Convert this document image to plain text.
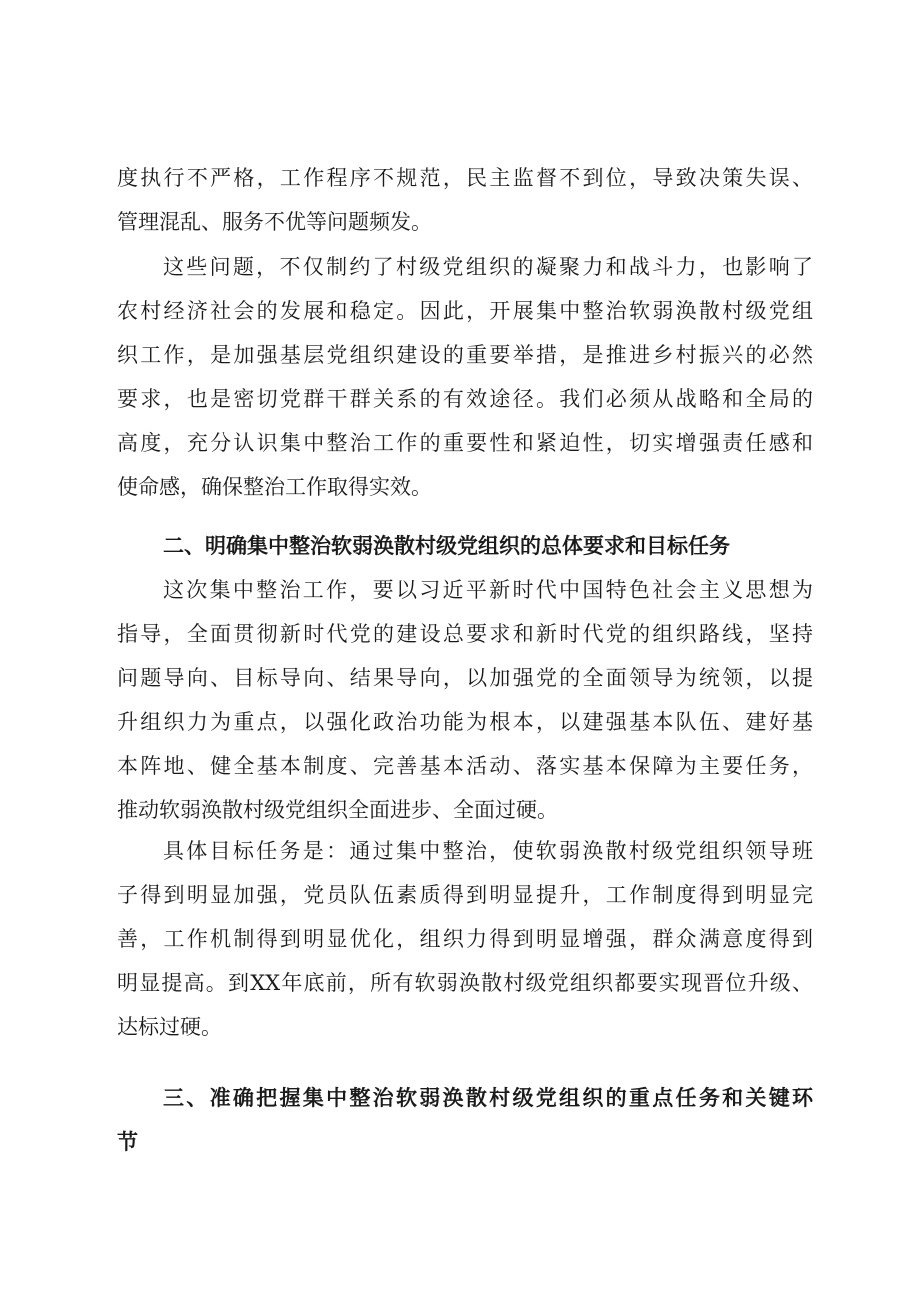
度执行不严格，工作程序不规范，民主监督不到位，导致决策失误、
管理混乱、服务不优等问题频发。
这些问题，不仅制约了村级党组织的凝聚力和战斗力，也影响了
农村经济社会的发展和稳定。因此，开展集中整治软弱涣散村级党组
织工作，是加强基层党组织建设的重要举措，是推进乡村振兴的必然
要求，也是密切党群干群关系的有效途径。我们必须从战略和全局的
高度，充分认识集中整治工作的重要性和紧迫性，切实增强责任感和
使命感，确保整治工作取得实效。
二、明确集中整治软弱涣散村级党组织的总体要求和目标任务
这次集中整治工作，要以习近平新时代中国特色社会主义思想为
指导，全面贯彻新时代党的建设总要求和新时代党的组织路线，坚持
问题导向、目标导向、结果导向，以加强党的全面领导为统领，以提
升组织力为重点，以强化政治功能为根本，以建强基本队伍、建好基
本阵地、健全基本制度、完善基本活动、落实基本保障为主要任务，
推动软弱涣散村级党组织全面进步、全面过硬。
具体目标任务是：通过集中整治，使软弱涣散村级党组织领导班
子得到明显加强，党员队伍素质得到明显提升，工作制度得到明显完
善，工作机制得到明显优化，组织力得到明显增强，群众满意度得到
明显提高。到XX年底前，所有软弱涣散村级党组织都要实现晋位升级、
达标过硬。
三、准确把握集中整治软弱涣散村级党组织的重点任务和关键环
节
